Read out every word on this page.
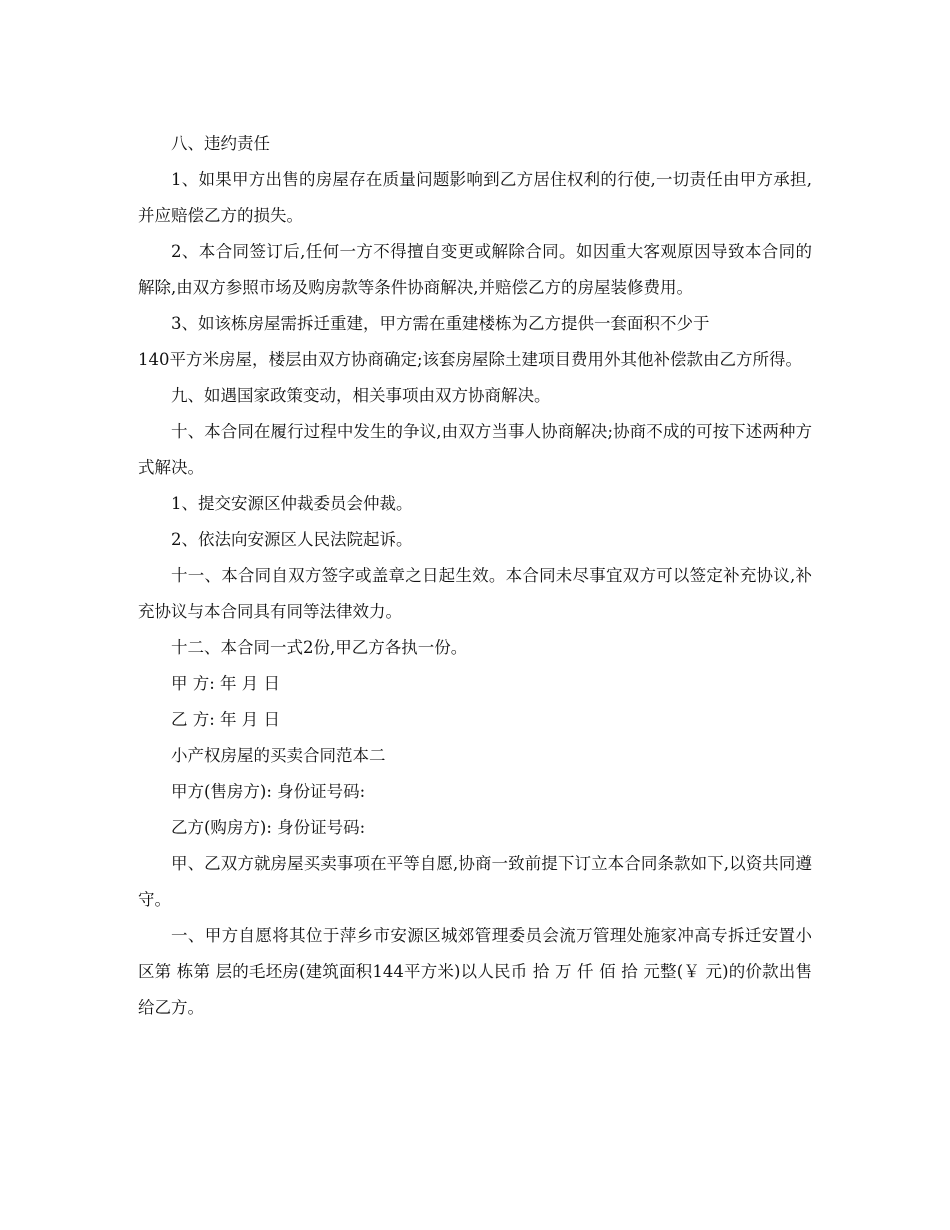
八、违约责任

1、如果甲方出售的房屋存在质量问题影响到乙方居住权利的行使,一切责任由甲方承担,并应赔偿乙方的损失。

2、本合同签订后,任何一方不得擅自变更或解除合同。如因重大客观原因导致本合同的解除,由双方参照市场及购房款等条件协商解决,并赔偿乙方的房屋装修费用。

3、如该栋房屋需拆迁重建，甲方需在重建楼栋为乙方提供一套面积不少于

140平方米房屋，楼层由双方协商确定;该套房屋除土建项目费用外其他补偿款由乙方所得。

九、如遇国家政策变动，相关事项由双方协商解决。

十、本合同在履行过程中发生的争议,由双方当事人协商解决;协商不成的可按下述两种方式解决。

1、提交安源区仲裁委员会仲裁。

2、依法向安源区人民法院起诉。

十一、本合同自双方签字或盖章之日起生效。本合同未尽事宜双方可以签定补充协议,补充协议与本合同具有同等法律效力。

十二、本合同一式2份,甲乙方各执一份。

甲 方: 年 月 日

乙 方: 年 月 日

小产权房屋的买卖合同范本二

甲方(售房方): 身份证号码:

乙方(购房方): 身份证号码:

甲、乙双方就房屋买卖事项在平等自愿,协商一致前提下订立本合同条款如下,以资共同遵守。

一、甲方自愿将其位于萍乡市安源区城郊管理委员会流万管理处施家冲高专拆迁安置小区第 栋第 层的毛坯房(建筑面积144平方米)以人民币 拾 万 仟 佰 拾 元整(￥ 元)的价款出售给乙方。
